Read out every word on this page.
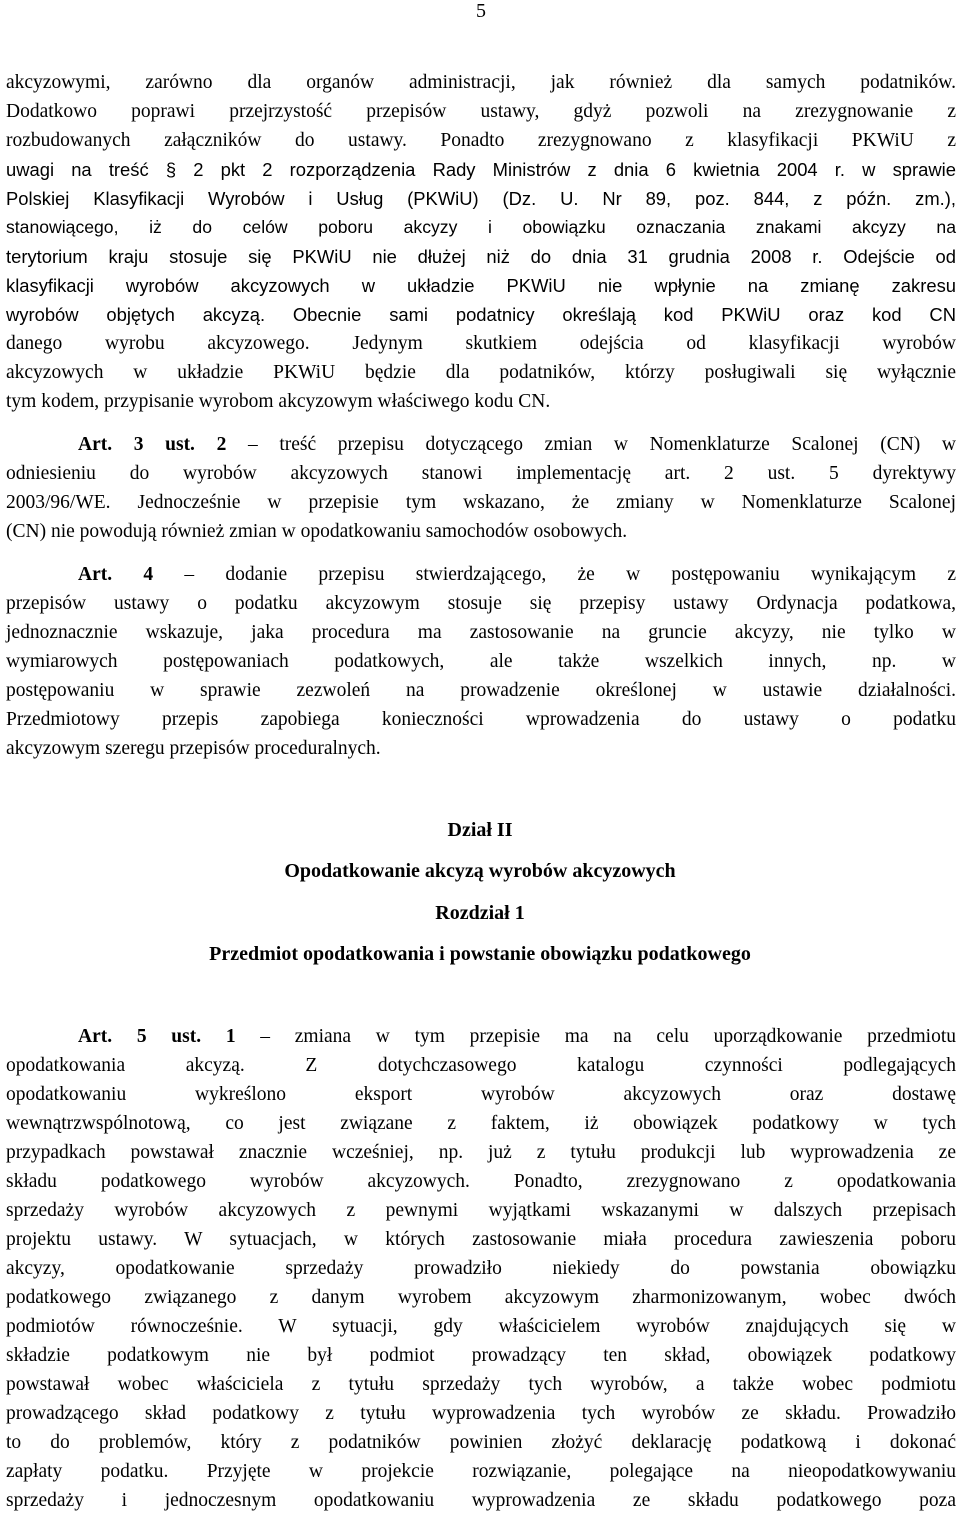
5
akcyzowymi, zarówno dla organów administracji, jak również dla samych podatników.
Dodatkowo poprawi przejrzystość przepisów ustawy, gdyż pozwoli na zrezygnowanie z
rozbudowanych załączników do ustawy. Ponadto zrezygnowano z klasyfikacji PKWiU z
uwagi na treść § 2 pkt 2 rozporządzenia Rady Ministrów z dnia 6 kwietnia 2004 r. w sprawie
Polskiej Klasyfikacji Wyrobów i Usług (PKWiU) (Dz. U. Nr 89, poz. 844, z późn. zm.),
stanowiącego, iż do celów poboru akcyzy i obowiązku oznaczania znakami akcyzy na
terytorium kraju stosuje się PKWiU nie dłużej niż do dnia 31 grudnia 2008 r. Odejście od
klasyfikacji wyrobów akcyzowych w układzie PKWiU nie wpłynie na zmianę zakresu
wyrobów objętych akcyzą. Obecnie sami podatnicy określają kod PKWiU oraz kod CN
danego wyrobu akcyzowego. Jedynym skutkiem odejścia od klasyfikacji wyrobów
akcyzowych w układzie PKWiU będzie dla podatników, którzy posługiwali się wyłącznie
tym kodem, przypisanie wyrobom akcyzowym właściwego kodu CN.
Art. 3 ust. 2 – treść przepisu dotyczącego zmian w Nomenklaturze Scalonej (CN) w
odniesieniu do wyrobów akcyzowych stanowi implementację art. 2 ust. 5 dyrektywy
2003/96/WE. Jednocześnie w przepisie tym wskazano, że zmiany w Nomenklaturze Scalonej
(CN) nie powodują również zmian w opodatkowaniu samochodów osobowych.
Art. 4 – dodanie przepisu stwierdzającego, że w postępowaniu wynikającym z
przepisów ustawy o podatku akcyzowym stosuje się przepisy ustawy Ordynacja podatkowa,
jednoznacznie wskazuje, jaka procedura ma zastosowanie na gruncie akcyzy, nie tylko w
wymiarowych postępowaniach podatkowych, ale także wszelkich innych, np. w
postępowaniu w sprawie zezwoleń na prowadzenie określonej w ustawie działalności.
Przedmiotowy przepis zapobiega konieczności wprowadzenia do ustawy o podatku
akcyzowym szeregu przepisów proceduralnych.
Dział II
Opodatkowanie akcyzą wyrobów akcyzowych
Rozdział 1
Przedmiot opodatkowania i powstanie obowiązku podatkowego
Art. 5 ust. 1 – zmiana w tym przepisie ma na celu uporządkowanie przedmiotu
opodatkowania akcyzą. Z dotychczasowego katalogu czynności podlegających
opodatkowaniu wykreślono eksport wyrobów akcyzowych oraz dostawę
wewnątrzwspólnotową, co jest związane z faktem, iż obowiązek podatkowy w tych
przypadkach powstawał znacznie wcześniej, np. już z tytułu produkcji lub wyprowadzenia ze
składu podatkowego wyrobów akcyzowych. Ponadto, zrezygnowano z opodatkowania
sprzedaży wyrobów akcyzowych z pewnymi wyjątkami wskazanymi w dalszych przepisach
projektu ustawy. W sytuacjach, w których zastosowanie miała procedura zawieszenia poboru
akcyzy, opodatkowanie sprzedaży prowadziło niekiedy do powstania obowiązku
podatkowego związanego z danym wyrobem akcyzowym zharmonizowanym, wobec dwóch
podmiotów równocześnie. W sytuacji, gdy właścicielem wyrobów znajdujących się w
składzie podatkowym nie był podmiot prowadzący ten skład, obowiązek podatkowy
powstawał wobec właściciela z tytułu sprzedaży tych wyrobów, a także wobec podmiotu
prowadzącego skład podatkowy z tytułu wyprowadzenia tych wyrobów ze składu. Prowadziło
to do problemów, który z podatników powinien złożyć deklarację podatkową i dokonać
zapłaty podatku. Przyjęte w projekcie rozwiązanie, polegające na nieopodatkowywaniu
sprzedaży i jednoczesnym opodatkowaniu wyprowadzenia ze składu podatkowego poza
